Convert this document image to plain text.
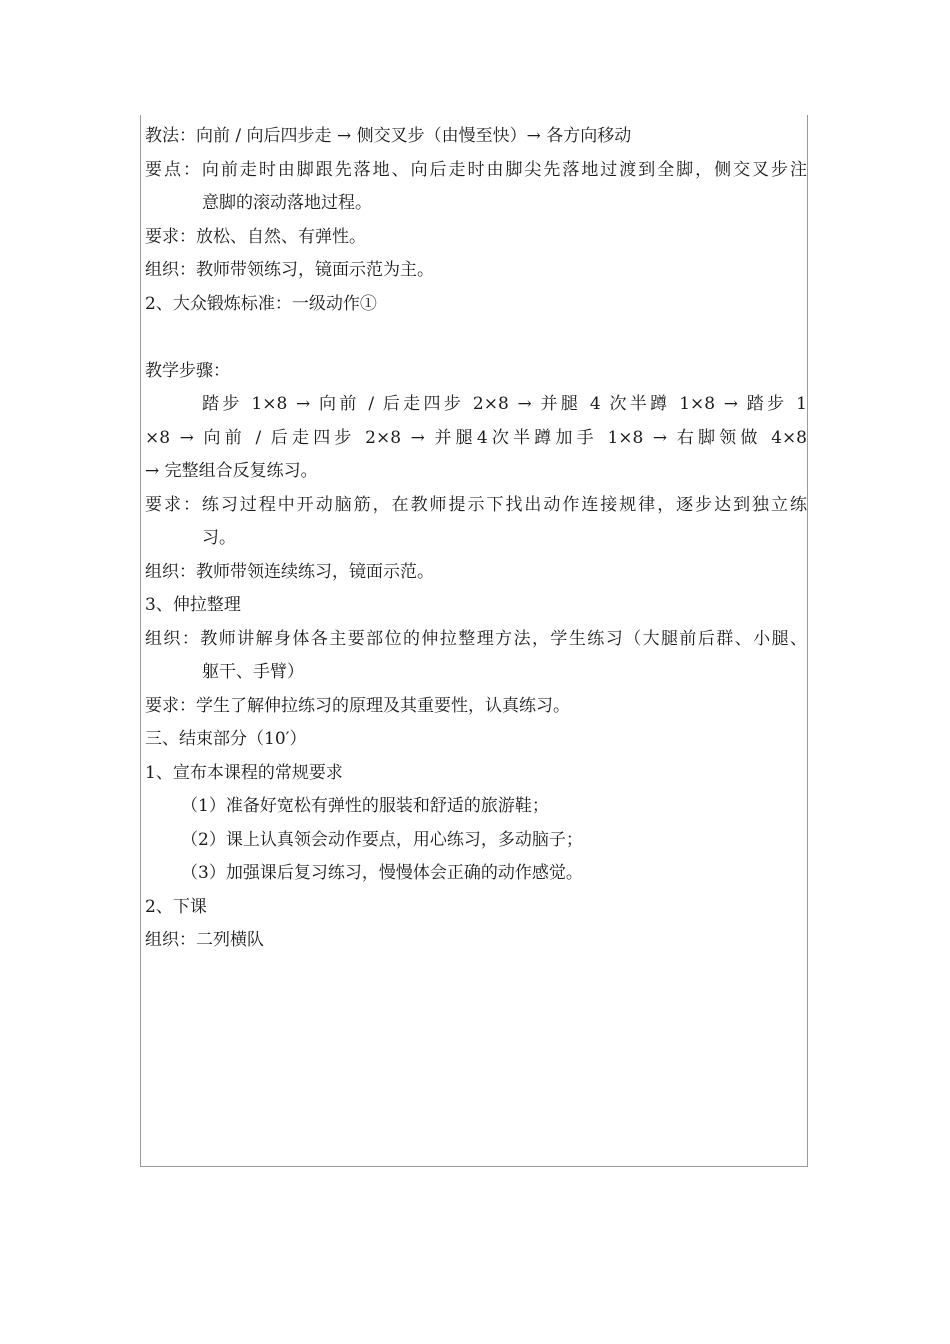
教法：向前 / 向后四步走 → 侧交叉步（由慢至快）→ 各方向移动
要点：向前走时由脚跟先落地、向后走时由脚尖先落地过渡到全脚，侧交叉步注
意脚的滚动落地过程。
要求：放松、自然、有弹性。
组织：教师带领练习，镜面示范为主。
2、大众锻炼标准：一级动作①
教学步骤：
踏步 1×8 → 向前 / 后走四步 2×8 → 并腿 4 次半蹲 1×8 → 踏步 1
×8 → 向前 / 后走四步 2×8 → 并腿4次半蹲加手 1×8 → 右脚领做 4×8
→ 完整组合反复练习。
要求：练习过程中开动脑筋，在教师提示下找出动作连接规律，逐步达到独立练
习。
组织：教师带领连续练习，镜面示范。
3、伸拉整理
组织：教师讲解身体各主要部位的伸拉整理方法，学生练习（大腿前后群、小腿、
躯干、手臂）
要求：学生了解伸拉练习的原理及其重要性，认真练习。
三、结束部分（10′）
1、宣布本课程的常规要求
（1）准备好宽松有弹性的服装和舒适的旅游鞋；
（2）课上认真领会动作要点，用心练习，多动脑子；
（3）加强课后复习练习，慢慢体会正确的动作感觉。
2、下课
组织：二列横队
